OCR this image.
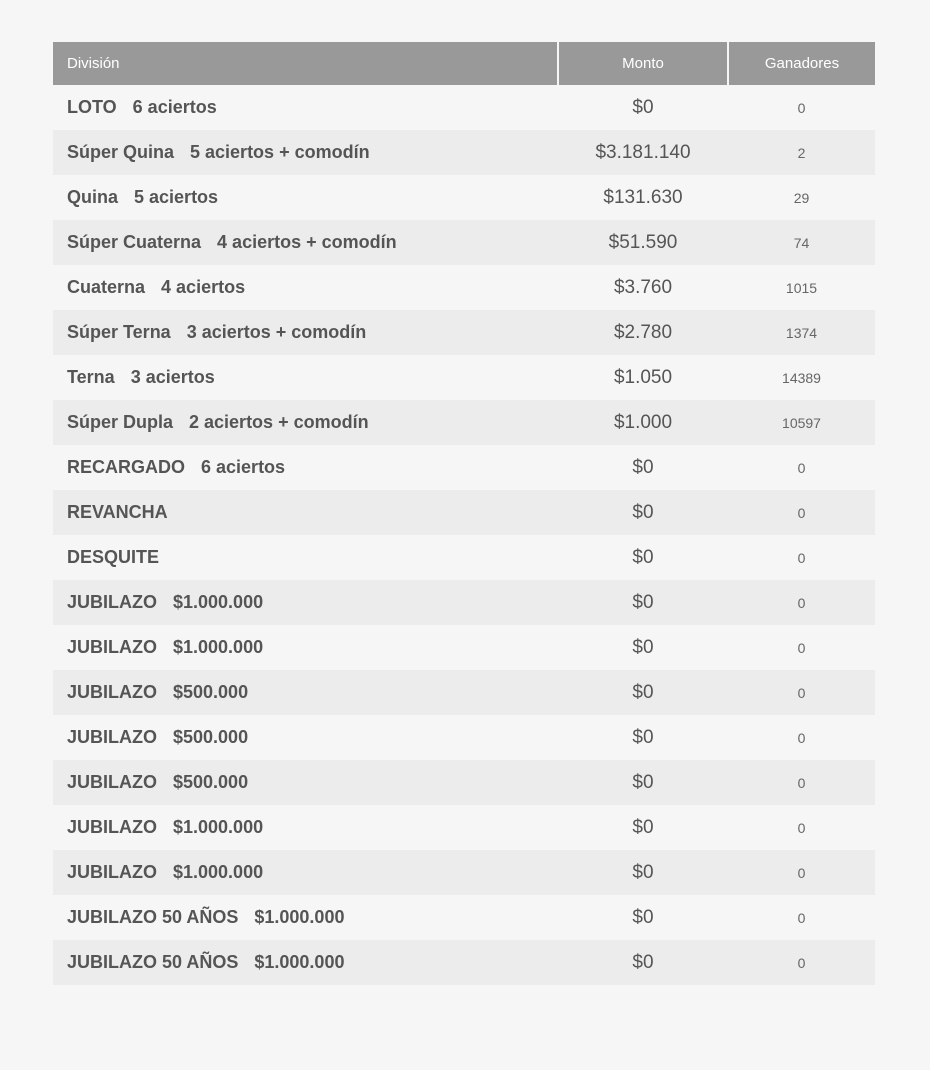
División	Monto	Ganadores
LOTO 6 aciertos	$0	0
Súper Quina 5 aciertos + comodín	$3.181.140	2
Quina 5 aciertos	$131.630	29
Súper Cuaterna 4 aciertos + comodín	$51.590	74
Cuaterna 4 aciertos	$3.760	1015
Súper Terna 3 aciertos + comodín	$2.780	1374
Terna 3 aciertos	$1.050	14389
Súper Dupla 2 aciertos + comodín	$1.000	10597
RECARGADO 6 aciertos	$0	0
REVANCHA	$0	0
DESQUITE	$0	0
JUBILAZO $1.000.000	$0	0
JUBILAZO $1.000.000	$0	0
JUBILAZO $500.000	$0	0
JUBILAZO $500.000	$0	0
JUBILAZO $500.000	$0	0
JUBILAZO $1.000.000	$0	0
JUBILAZO $1.000.000	$0	0
JUBILAZO 50 AÑOS $1.000.000	$0	0
JUBILAZO 50 AÑOS $1.000.000	$0	0
